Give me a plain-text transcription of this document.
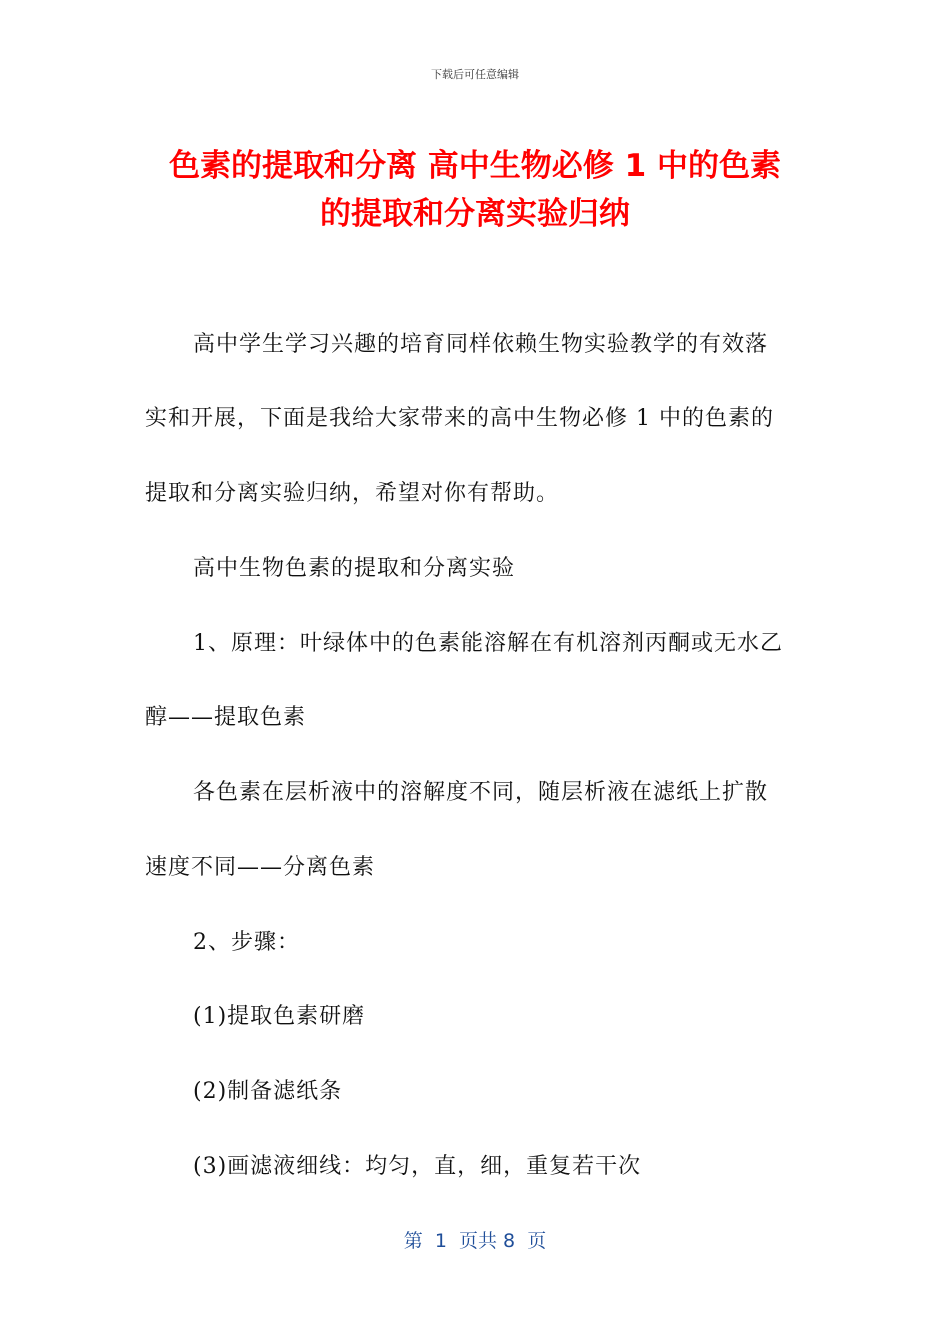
下载后可任意编辑
色素的提取和分离 高中生物必修 1 中的色素
的提取和分离实验归纳
高中学生学习兴趣的培育同样依赖生物实验教学的有效落
实和开展，下面是我给大家带来的高中生物必修 1 中的色素的
提取和分离实验归纳，希望对你有帮助。
高中生物色素的提取和分离实验
1、原理：叶绿体中的色素能溶解在有机溶剂丙酮或无水乙
醇——提取色素
各色素在层析液中的溶解度不同，随层析液在滤纸上扩散
速度不同——分离色素
2、步骤：
(1)提取色素研磨
(2)制备滤纸条
(3)画滤液细线：均匀，直，细，重复若干次
第  1  页共 8  页
